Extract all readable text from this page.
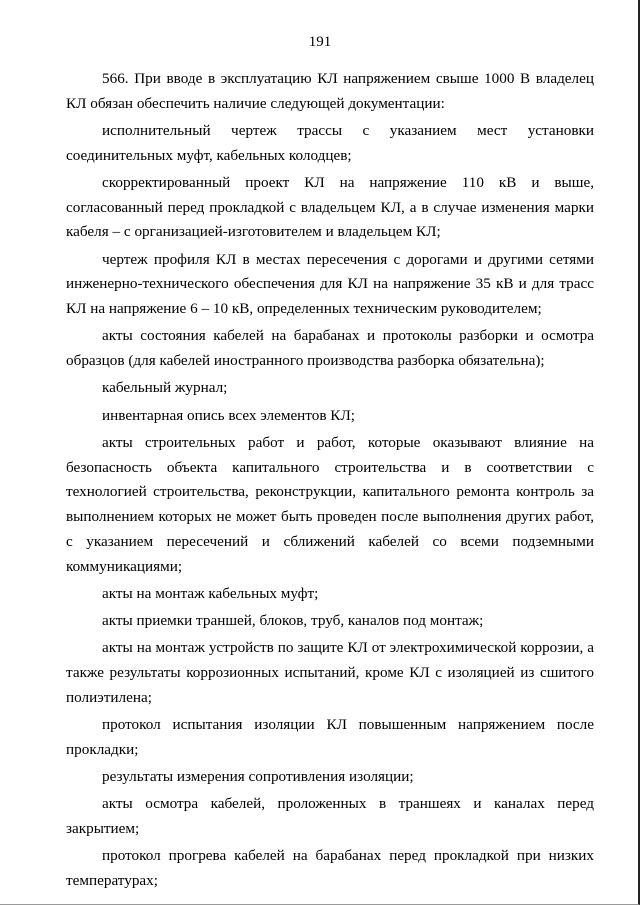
191

566. При вводе в эксплуатацию КЛ напряжением свыше 1000 В владелец КЛ обязан обеспечить наличие следующей документации:

исполнительный чертеж трассы с указанием мест установки соединительных муфт, кабельных колодцев;

скорректированный проект КЛ на напряжение 110 кВ и выше, согласованный перед прокладкой с владельцем КЛ, а в случае изменения марки кабеля – с организацией-изготовителем и владельцем КЛ;

чертеж профиля КЛ в местах пересечения с дорогами и другими сетями инженерно-технического обеспечения для КЛ на напряжение 35 кВ и для трасс КЛ на напряжение 6 – 10 кВ, определенных техническим руководителем;

акты состояния кабелей на барабанах и протоколы разборки и осмотра образцов (для кабелей иностранного производства разборка обязательна);

кабельный журнал;

инвентарная опись всех элементов КЛ;

акты строительных работ и работ, которые оказывают влияние на безопасность объекта капитального строительства и в соответствии с технологией строительства, реконструкции, капитального ремонта контроль за выполнением которых не может быть проведен после выполнения других работ, с указанием пересечений и сближений кабелей со всеми подземными коммуникациями;

акты на монтаж кабельных муфт;

акты приемки траншей, блоков, труб, каналов под монтаж;

акты на монтаж устройств по защите КЛ от электрохимической коррозии, а также результаты коррозионных испытаний, кроме КЛ с изоляцией из сшитого полиэтилена;

протокол испытания изоляции КЛ повышенным напряжением после прокладки;

результаты измерения сопротивления изоляции;

акты осмотра кабелей, проложенных в траншеях и каналах перед закрытием;

протокол прогрева кабелей на барабанах перед прокладкой при низких температурах;
